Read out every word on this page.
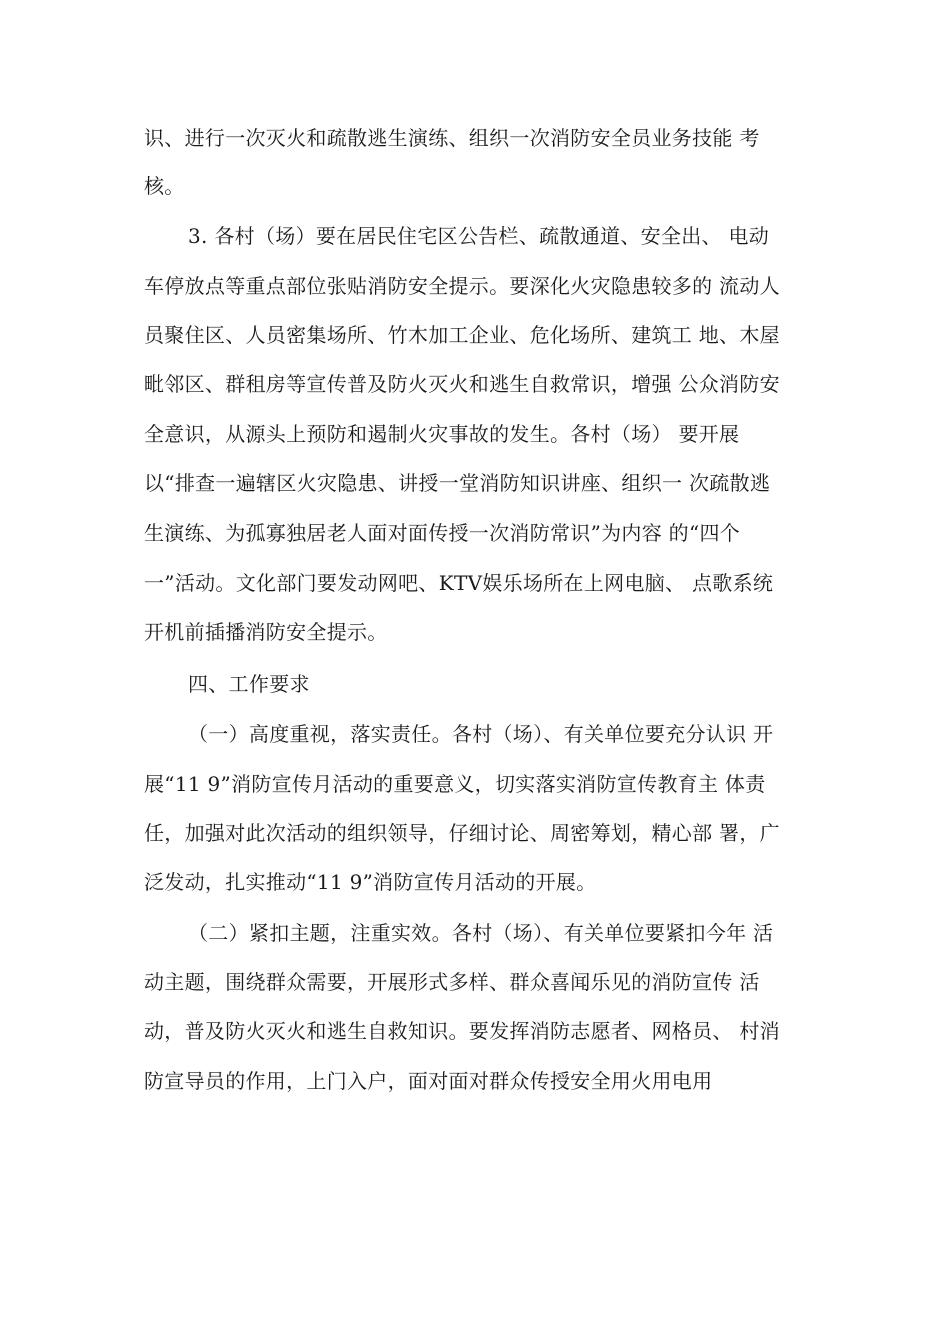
识、进行一次灭火和疏散逃生演练、组织一次消防安全员业务技能 考
核。
3. 各村（场）要在居民住宅区公告栏、疏散通道、安全出、 电动
车停放点等重点部位张贴消防安全提示。要深化火灾隐患较多的 流动人
员聚住区、人员密集场所、竹木加工企业、危化场所、建筑工 地、木屋
毗邻区、群租房等宣传普及防火灭火和逃生自救常识，增强 公众消防安
全意识，从源头上预防和遏制火灾事故的发生。各村（场） 要开展
以“排查一遍辖区火灾隐患、讲授一堂消防知识讲座、组织一 次疏散逃
生演练、为孤寡独居老人面对面传授一次消防常识”为内容 的“四个
一”活动。文化部门要发动网吧、KTV娱乐场所在上网电脑、 点歌系统
开机前插播消防安全提示。
四、工作要求
（一）高度重视，落实责任。各村（场）、有关单位要充分认识 开
展“11 9”消防宣传月活动的重要意义，切实落实消防宣传教育主 体责
任，加强对此次活动的组织领导，仔细讨论、周密筹划，精心部 署，广
泛发动，扎实推动“11 9”消防宣传月活动的开展。
（二）紧扣主题，注重实效。各村（场）、有关单位要紧扣今年 活
动主题，围绕群众需要，开展形式多样、群众喜闻乐见的消防宣传 活
动，普及防火灭火和逃生自救知识。要发挥消防志愿者、网格员、 村消
防宣导员的作用，上门入户，面对面对群众传授安全用火用电用
